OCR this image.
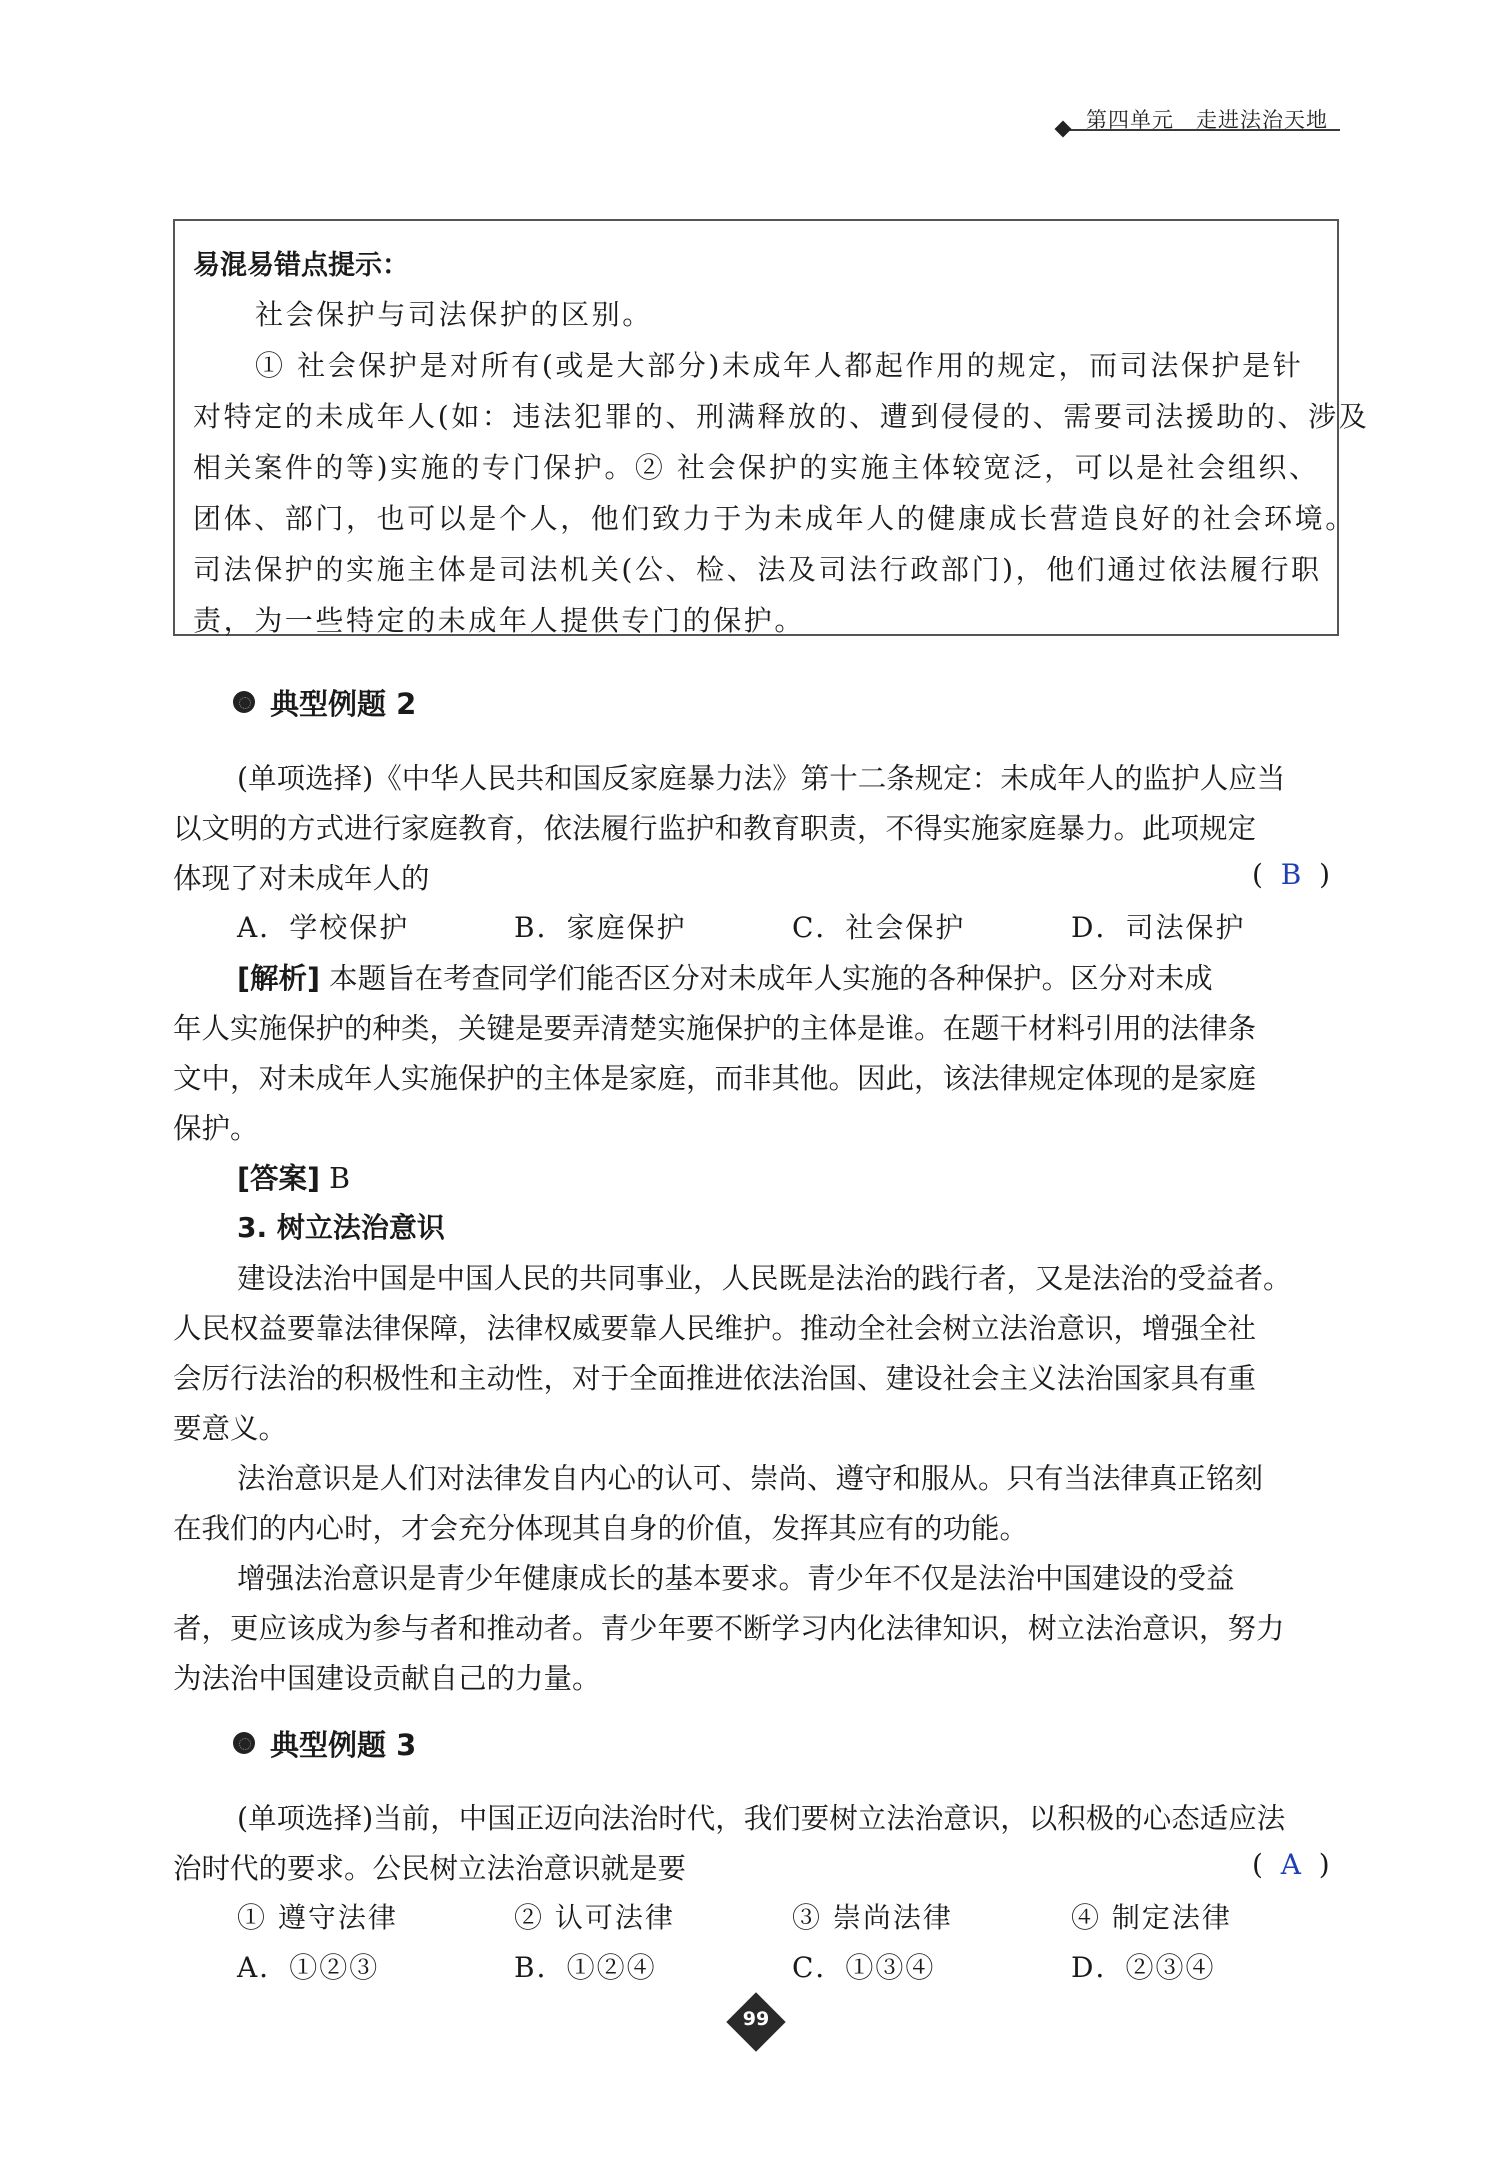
第四单元　走进法治天地
易混易错点提示：
社会保护与司法保护的区别。
① 社会保护是对所有(或是大部分)未成年人都起作用的规定，而司法保护是针
对特定的未成年人(如：违法犯罪的、刑满释放的、遭到侵侵的、需要司法援助的、涉及
相关案件的等)实施的专门保护。② 社会保护的实施主体较宽泛，可以是社会组织、
团体、部门，也可以是个人，他们致力于为未成年人的健康成长营造良好的社会环境。
司法保护的实施主体是司法机关(公、检、法及司法行政部门)，他们通过依法履行职
责，为一些特定的未成年人提供专门的保护。
典型例题 2
(单项选择)《中华人民共和国反家庭暴力法》第十二条规定：未成年人的监护人应当
以文明的方式进行家庭教育，依法履行监护和教育职责，不得实施家庭暴力。此项规定
体现了对未成年人的	( B )
A．学校保护	B．家庭保护	C．社会保护	D．司法保护
[解析] 本题旨在考查同学们能否区分对未成年人实施的各种保护。区分对未成
年人实施保护的种类，关键是要弄清楚实施保护的主体是谁。在题干材料引用的法律条
文中，对未成年人实施保护的主体是家庭，而非其他。因此，该法律规定体现的是家庭
保护。
[答案] B
3. 树立法治意识
建设法治中国是中国人民的共同事业，人民既是法治的践行者，又是法治的受益者。
人民权益要靠法律保障，法律权威要靠人民维护。推动全社会树立法治意识，增强全社
会厉行法治的积极性和主动性，对于全面推进依法治国、建设社会主义法治国家具有重
要意义。
法治意识是人们对法律发自内心的认可、崇尚、遵守和服从。只有当法律真正铭刻
在我们的内心时，才会充分体现其自身的价值，发挥其应有的功能。
增强法治意识是青少年健康成长的基本要求。青少年不仅是法治中国建设的受益
者，更应该成为参与者和推动者。青少年要不断学习内化法律知识，树立法治意识，努力
为法治中国建设贡献自己的力量。
典型例题 3
(单项选择)当前，中国正迈向法治时代，我们要树立法治意识，以积极的心态适应法
治时代的要求。公民树立法治意识就是要	( A )
① 遵守法律	② 认可法律	③ 崇尚法律	④ 制定法律
A．①②③	B．①②④	C．①③④	D．②③④
99
